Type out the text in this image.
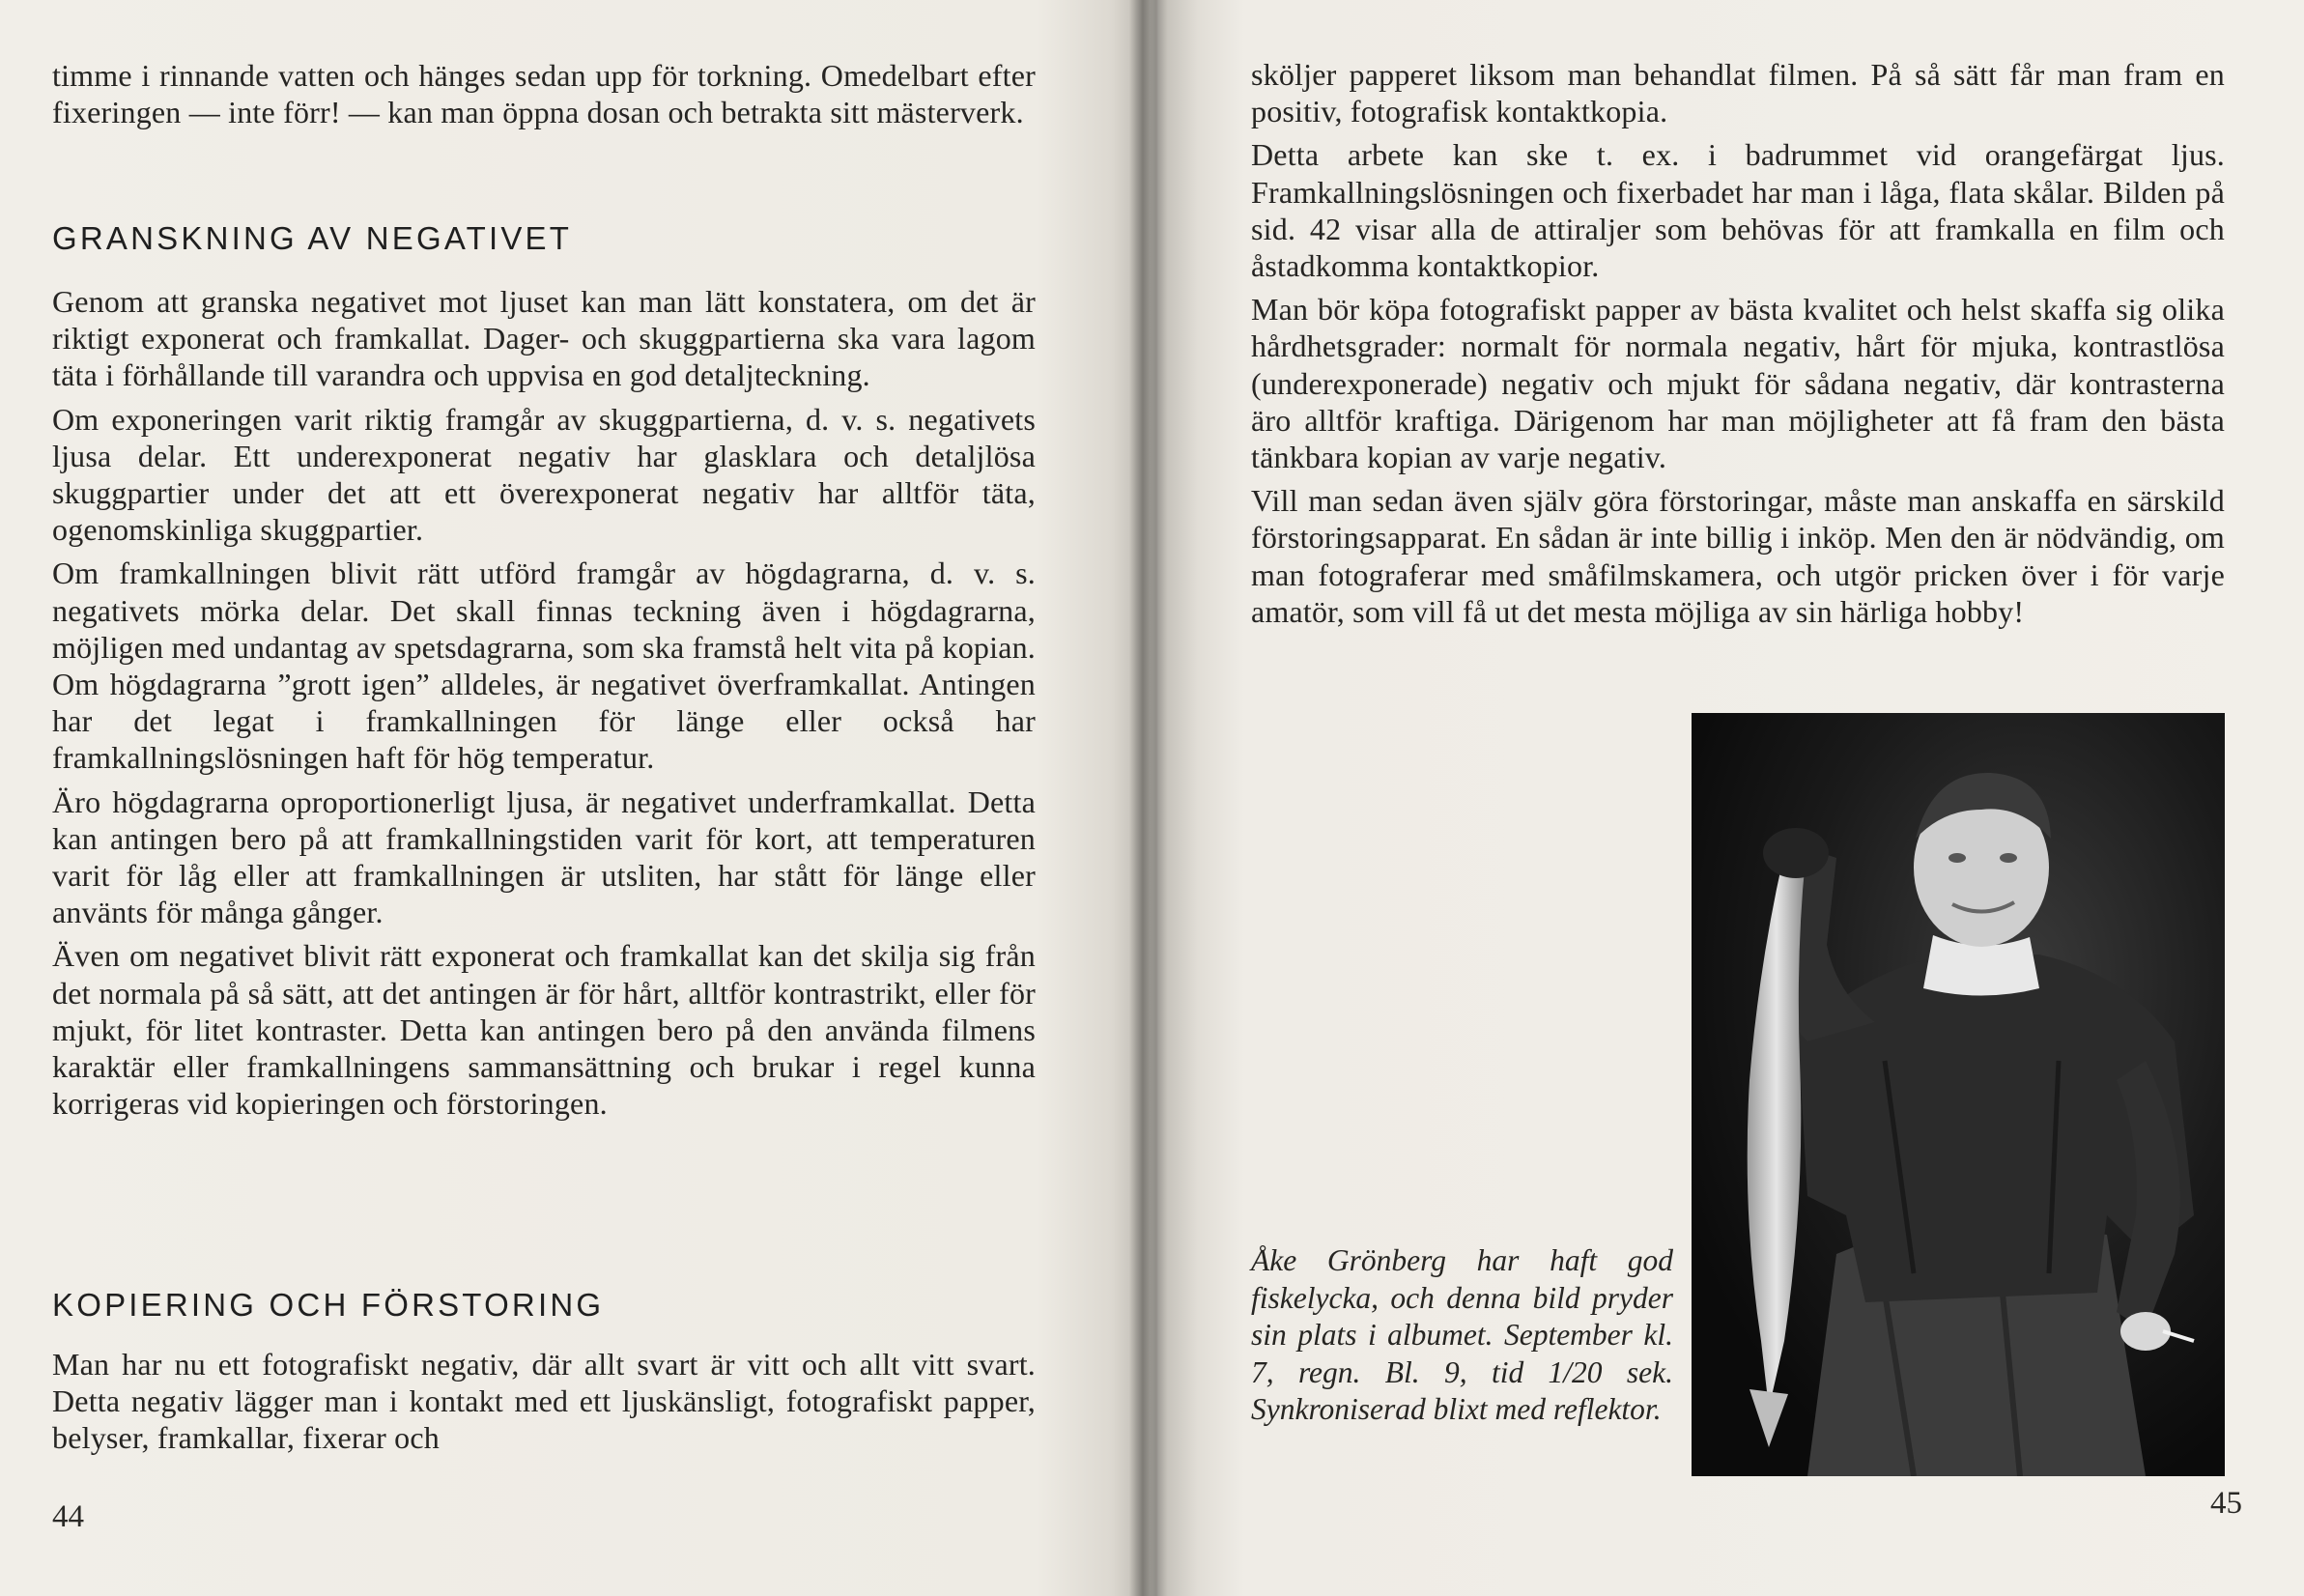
timme i rinnande vatten och hänges sedan upp för torkning. Omedelbart efter fixeringen — inte förr! — kan man öppna dosan och betrakta sitt mästerverk.

GRANSKNING AV NEGATIVET

Genom att granska negativet mot ljuset kan man lätt konstatera, om det är riktigt exponerat och framkallat. Dager- och skuggpartierna ska vara lagom täta i förhållande till varandra och uppvisa en god detaljteckning.

Om exponeringen varit riktig framgår av skuggpartierna, d. v. s. negativets ljusa delar. Ett underexponerat negativ har glasklara och detaljlösa skuggpartier under det att ett överexponerat negativ har alltför täta, ogenomskinliga skuggpartier.

Om framkallningen blivit rätt utförd framgår av högdagrarna, d. v. s. negativets mörka delar. Det skall finnas teckning även i högdagrarna, möjligen med undantag av spetsdagrarna, som ska framstå helt vita på kopian. Om högdagrarna ”grott igen” alldeles, är negativet överframkallat. Antingen har det legat i framkallningen för länge eller också har framkallningslösningen haft för hög temperatur.

Äro högdagrarna oproportionerligt ljusa, är negativet underframkallat. Detta kan antingen bero på att framkallningstiden varit för kort, att temperaturen varit för låg eller att framkallningen är utsliten, har stått för länge eller använts för många gånger.

Även om negativet blivit rätt exponerat och framkallat kan det skilja sig från det normala på så sätt, att det antingen är för hårt, alltför kontrastrikt, eller för mjukt, för litet kontraster. Detta kan antingen bero på den använda filmens karaktär eller framkallningens sammansättning och brukar i regel kunna korrigeras vid kopieringen och förstoringen.

KOPIERING OCH FÖRSTORING

Man har nu ett fotografiskt negativ, där allt svart är vitt och allt vitt svart. Detta negativ lägger man i kontakt med ett ljuskänsligt, fotografiskt papper, belyser, framkallar, fixerar och

44

sköljer papperet liksom man behandlat filmen. På så sätt får man fram en positiv, fotografisk kontaktkopia.

Detta arbete kan ske t. ex. i badrummet vid orangefärgat ljus. Framkallningslösningen och fixerbadet har man i låga, flata skålar. Bilden på sid. 42 visar alla de attiraljer som behövas för att framkalla en film och åstadkomma kontaktkopior.

Man bör köpa fotografiskt papper av bästa kvalitet och helst skaffa sig olika hårdhetsgrader: normalt för normala negativ, hårt för mjuka, kontrastlösa (underexponerade) negativ och mjukt för sådana negativ, där kontrasterna äro alltför kraftiga. Därigenom har man möjligheter att få fram den bästa tänkbara kopian av varje negativ.

Vill man sedan även själv göra förstoringar, måste man anskaffa en särskild förstoringsapparat. En sådan är inte billig i inköp. Men den är nödvändig, om man fotograferar med småfilmskamera, och utgör pricken över i för varje amatör, som vill få ut det mesta möjliga av sin härliga hobby!

Åke Grönberg har haft god fiskelycka, och denna bild pryder sin plats i albumet. September kl. 7, regn. Bl. 9, tid 1/20 sek. Synkroniserad blixt med reflektor.

45
